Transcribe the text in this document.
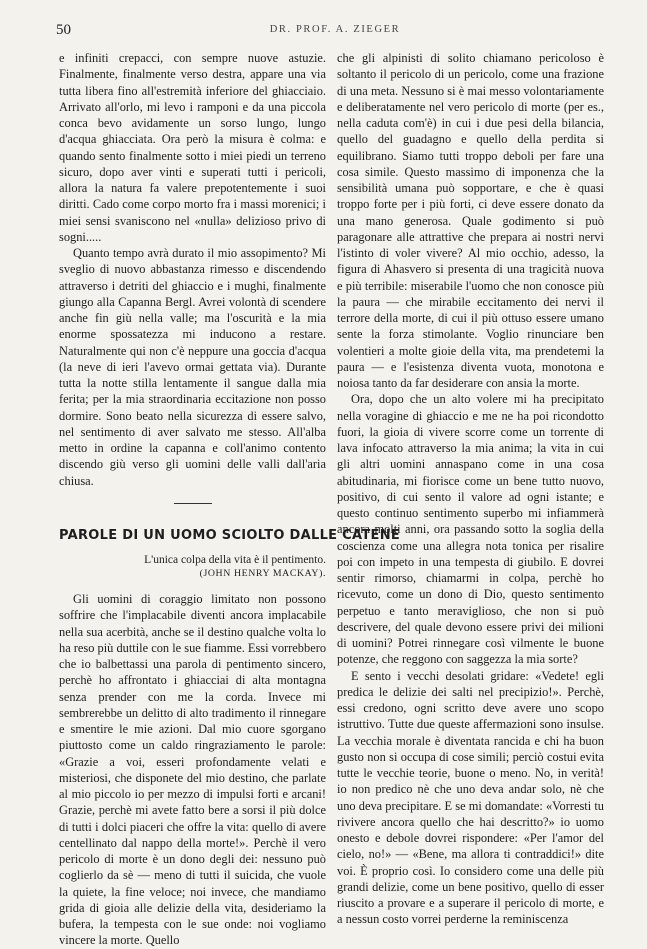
50	DR. PROF. A. ZIEGER

e infiniti crepacci, con sempre nuove astuzie. Finalmente, finalmente verso destra, appare una via tutta libera fino all'estremità inferiore del ghiacciaio. Arrivato all'orlo, mi levo i ramponi e da una piccola conca bevo avidamente un sorso lungo, lungo d'acqua ghiacciata. Ora però la misura è colma: e quando sento finalmente sotto i miei piedi un terreno sicuro, dopo aver vinti e superati tutti i pericoli, allora la natura fa valere prepotentemente i suoi diritti. Cado come corpo morto fra i massi morenici; i miei sensi svaniscono nel «nulla» delizioso privo di sogni.....

Quanto tempo avrà durato il mio assopimento? Mi sveglio di nuovo abbastanza rimesso e discendendo attraverso i detriti del ghiaccio e i mughi, finalmente giungo alla Capanna Bergl. Avrei volontà di scendere anche fin giù nella valle; ma l'oscurità e la mia enorme spossatezza mi inducono a restare. Naturalmente qui non c'è neppure una goccia d'acqua (la neve di ieri l'avevo ormai gettata via). Durante tutta la notte stilla lentamente il sangue dalla mia ferita; per la mia straordinaria eccitazione non posso dormire. Sono beato nella sicurezza di essere salvo, nel sentimento di aver salvato me stesso. All'alba metto in ordine la capanna e coll'animo contento discendo giù verso gli uomini delle valli dall'aria chiusa.

PAROLE DI UN UOMO SCIOLTO DALLE CATENE
L'unica colpa della vita è il pentimento.

(JOHN HENRY MACKAY).

Gli uomini di coraggio limitato non possono soffrire che l'implacabile diventi ancora implacabile nella sua acerbità, anche se il destino qualche volta lo ha reso più duttile con le sue fiamme. Essi vorrebbero che io balbettassi una parola di pentimento sincero, perchè ho affrontato i ghiacciai di alta montagna senza prender con me la corda. Invece mi sembrerebbe un delitto di alto tradimento il rinnegare e smentire le mie azioni. Dal mio cuore sgorgano piuttosto come un caldo ringraziamento le parole: «Grazie a voi, esseri profondamente velati e misteriosi, che disponete del mio destino, che parlate al mio piccolo io per mezzo di impulsi forti e arcani! Grazie, perchè mi avete fatto bere a sorsi il più dolce di tutti i dolci piaceri che offre la vita: quello di avere centellinato dal nappo della morte!». Perchè il vero pericolo di morte è un dono degli dei: nessuno può coglierlo da sè — meno di tutti il suicida, che vuole la quiete, la fine veloce; noi invece, che mandiamo grida di gioia alle delizie della vita, desideriamo la bufera, la tempesta con le sue onde: noi vogliamo vincere la morte. Quello

che gli alpinisti di solito chiamano pericoloso è soltanto il pericolo di un pericolo, come una frazione di una meta. Nessuno si è mai messo volontariamente e deliberatamente nel vero pericolo di morte (per es., nella caduta com'è) in cui i due pesi della bilancia, quello del guadagno e quello della perdita si equilibrano. Siamo tutti troppo deboli per fare una cosa simile. Questo massimo di imponenza che la sensibilità umana può sopportare, e che è quasi troppo forte per i più forti, ci deve essere donato da una mano generosa. Quale godimento si può paragonare alle attrattive che prepara ai nostri nervi l'istinto di voler vivere? Al mio occhio, adesso, la figura di Ahasvero si presenta di una tragicità nuova e più terribile: miserabile l'uomo che non conosce più la paura — che mirabile eccitamento dei nervi il terrore della morte, di cui il più ottuso essere umano sente la forza stimolante. Voglio rinunciare ben volentieri a molte gioie della vita, ma prendetemi la paura — e l'esistenza diventa vuota, monotona e noiosa tanto da far desiderare con ansia la morte.

Ora, dopo che un alto volere mi ha precipitato nella voragine di ghiaccio e me ne ha poi ricondotto fuori, la gioia di vivere scorre come un torrente di lava infocato attraverso la mia anima; la vita in cui gli altri uomini annaspano come in una cosa abitudinaria, mi fiorisce come un bene tutto nuovo, positivo, di cui sento il valore ad ogni istante; e questo continuo sentimento superbo mi infiammerà ancora molti anni, ora passando sotto la soglia della coscienza come una allegra nota tonica per risalire poi con impeto in una tempesta di giubilo. E dovrei sentir rimorso, chiamarmi in colpa, perchè ho ricevuto, come un dono di Dio, questo sentimento perpetuo e tanto meraviglioso, che non si può descrivere, del quale devono essere privi dei milioni di uomini? Potrei rinnegare così vilmente le buone potenze, che reggono con saggezza la mia sorte?

E sento i vecchi desolati gridare: «Vedete! egli predica le delizie dei salti nel precipizio!». Perchè, essi credono, ogni scritto deve avere uno scopo istruttivo. Tutte due queste affermazioni sono insulse. La vecchia morale è diventata rancida e chi ha buon gusto non si occupa di cose simili; perciò costui evita tutte le vecchie teorie, buone o meno. No, in verità! io non predico nè che uno deva andar solo, nè che uno deva precipitare. E se mi domandate: «Vorresti tu rivivere ancora quello che hai descritto?» io uomo onesto e debole dovrei rispondere: «Per l'amor del cielo, no!» — «Bene, ma allora ti contraddici!» dite voi. È proprio così. Io considero come una delle più grandi delizie, come un bene positivo, quello di esser riuscito a provare e a superare il pericolo di morte, e a nessun costo vorrei perderne la reminiscenza
